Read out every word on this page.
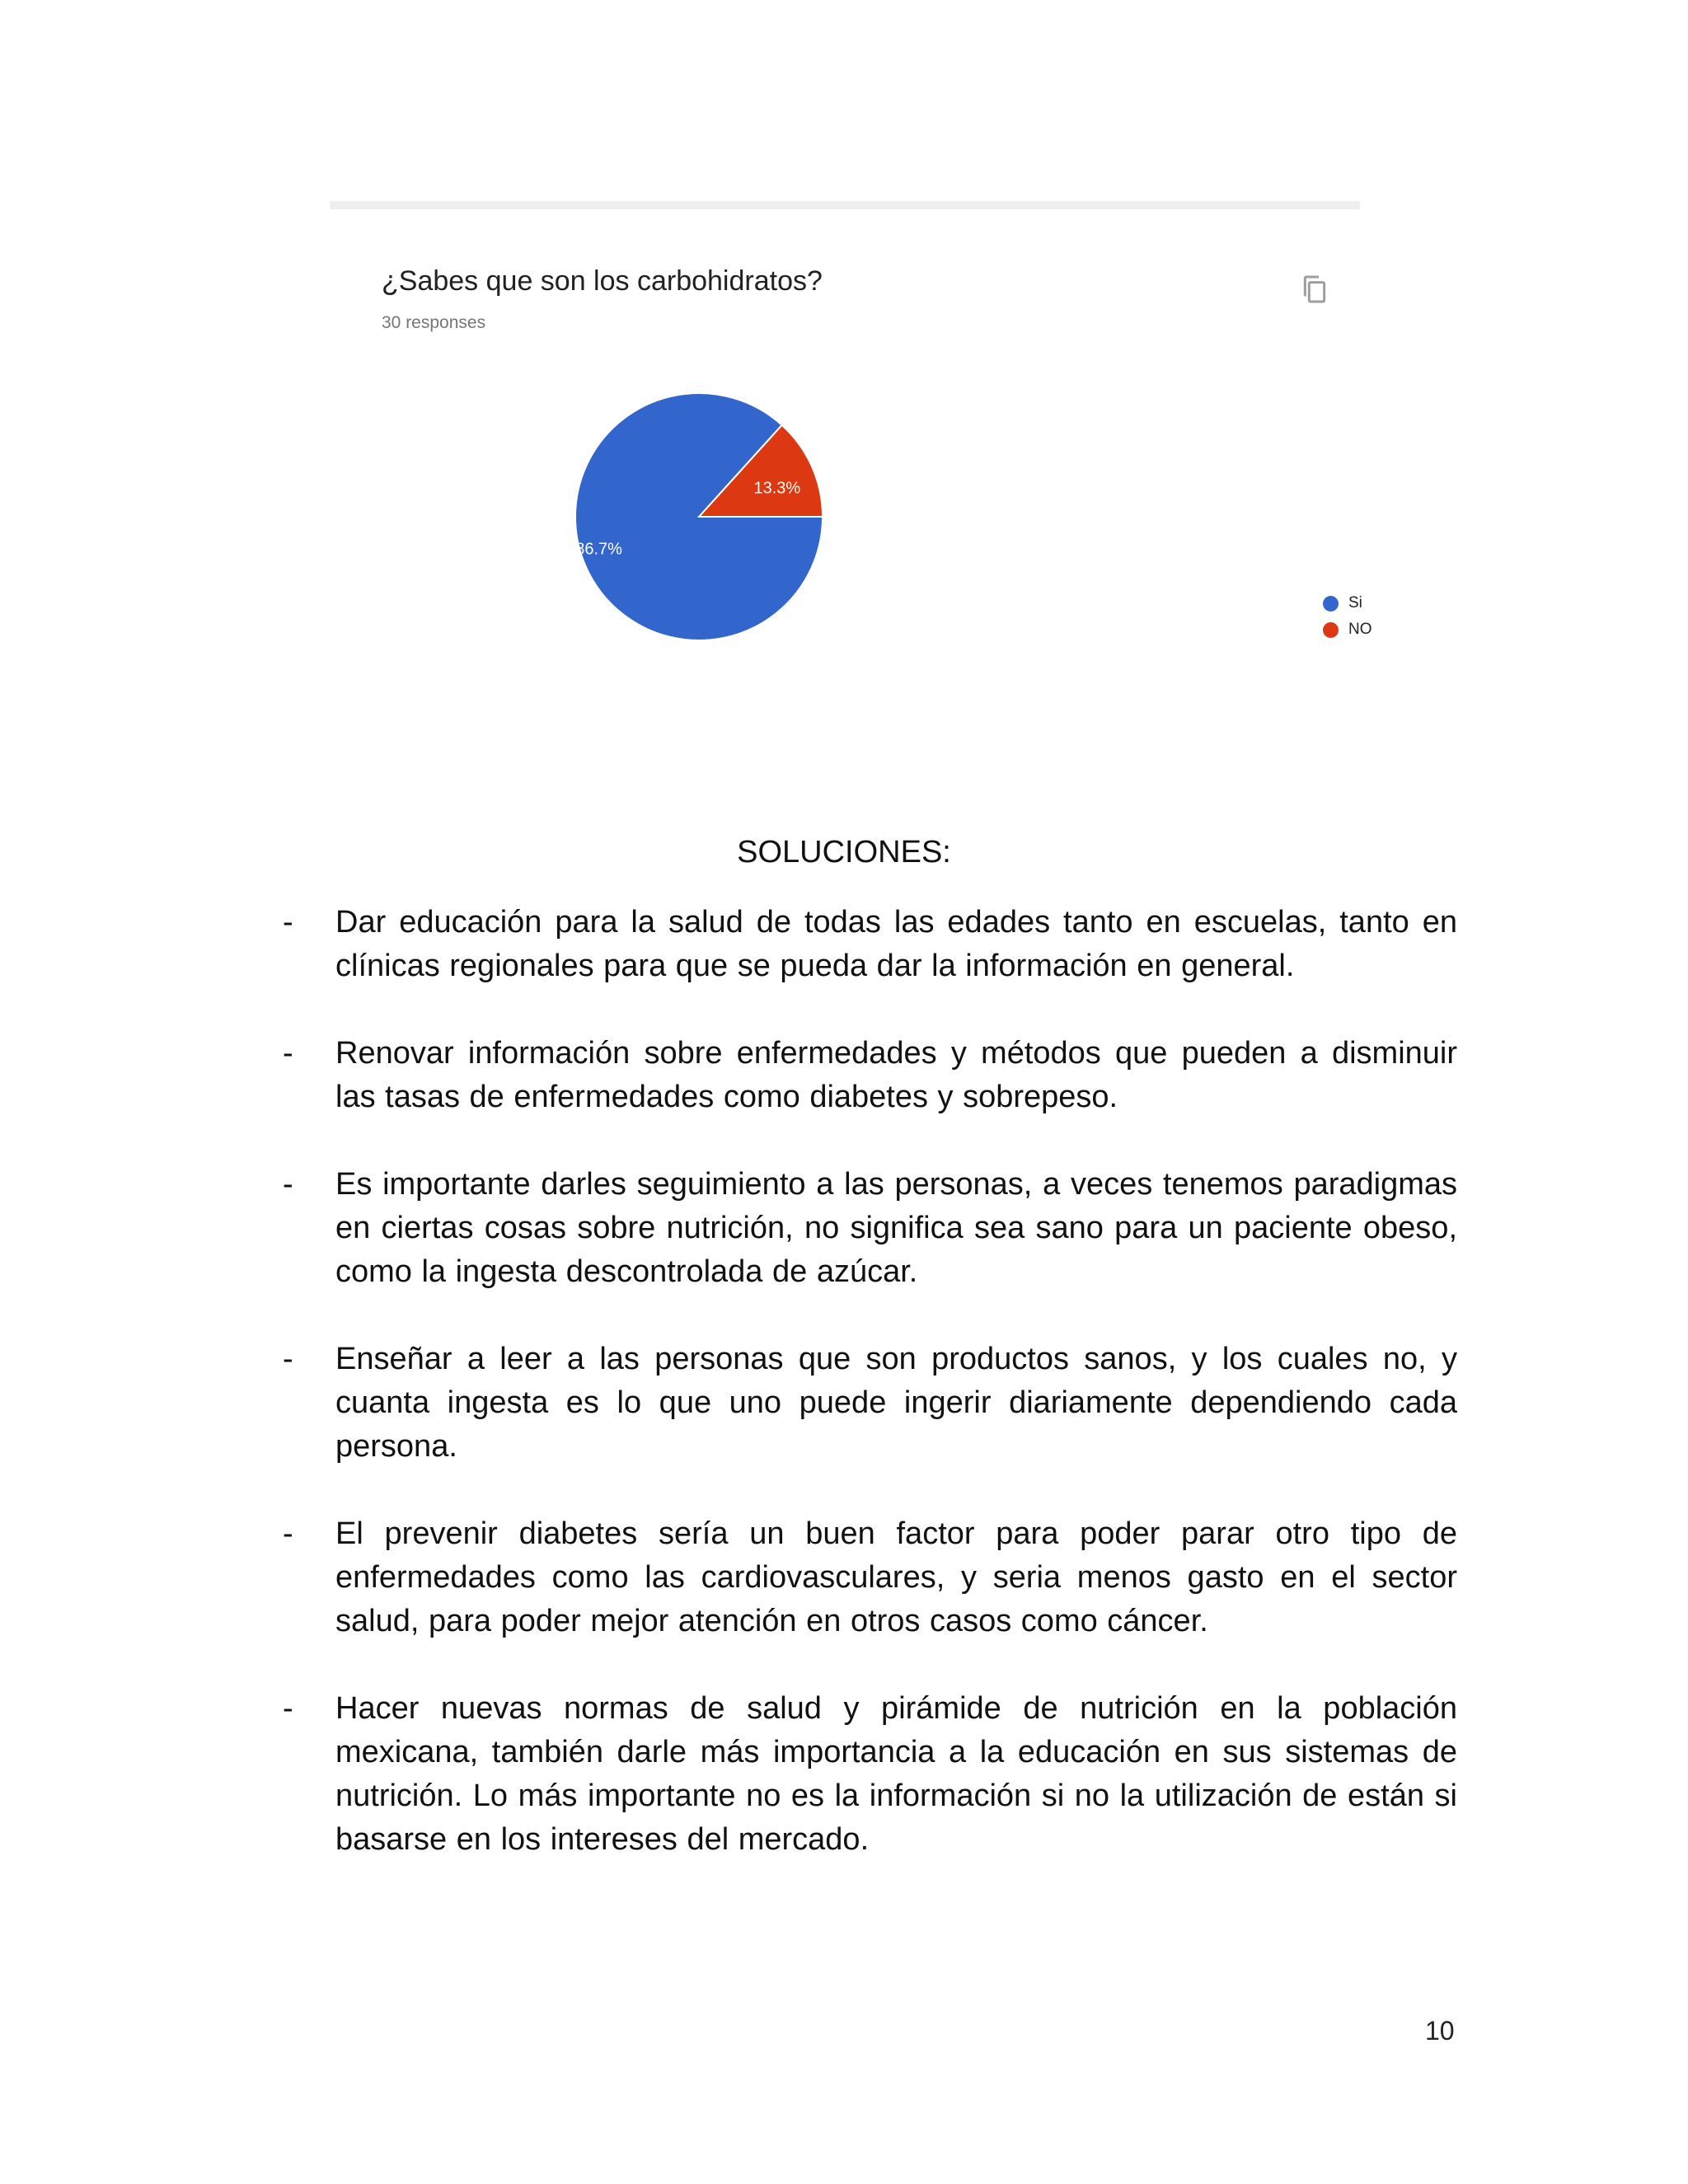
¿Sabes que son los carbohidratos?
30 responses
13.3%
86.7%
Si
NO
SOLUCIONES:
- Dar educación para la salud de todas las edades tanto en escuelas, tanto en clínicas regionales para que se pueda dar la información en general.
- Renovar información sobre enfermedades y métodos que pueden a disminuir las tasas de enfermedades como diabetes y sobrepeso.
- Es importante darles seguimiento a las personas, a veces tenemos paradigmas en ciertas cosas sobre nutrición, no significa sea sano para un paciente obeso, como la ingesta descontrolada de azúcar.
- Enseñar a leer a las personas que son productos sanos, y los cuales no, y cuanta ingesta es lo que uno puede ingerir diariamente dependiendo cada persona.
- El prevenir diabetes sería un buen factor para poder parar otro tipo de enfermedades como las cardiovasculares, y seria menos gasto en el sector salud, para poder mejor atención en otros casos como cáncer.
- Hacer nuevas normas de salud y pirámide de nutrición en la población mexicana, también darle más importancia a la educación en sus sistemas de nutrición. Lo más importante no es la información si no la utilización de están si basarse en los intereses del mercado.
10
